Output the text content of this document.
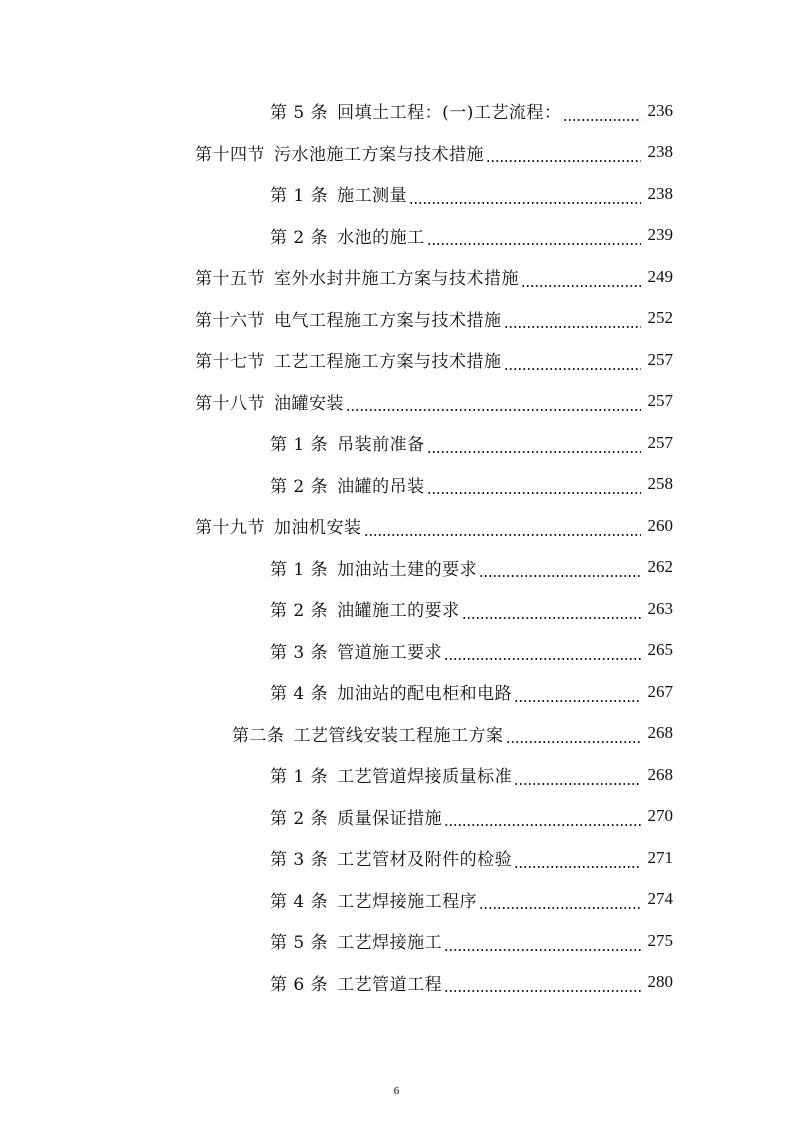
第 5 条 回填土工程：(一)工艺流程：	236
第十四节 污水池施工方案与技术措施	238
第 1 条 施工测量	238
第 2 条 水池的施工	239
第十五节 室外水封井施工方案与技术措施	249
第十六节 电气工程施工方案与技术措施	252
第十七节 工艺工程施工方案与技术措施	257
第十八节 油罐安装	257
第 1 条 吊装前准备	257
第 2 条 油罐的吊装	258
第十九节 加油机安装	260
第 1 条 加油站土建的要求	262
第 2 条 油罐施工的要求	263
第 3 条 管道施工要求	265
第 4 条 加油站的配电柜和电路	267
第二条 工艺管线安装工程施工方案	268
第 1 条 工艺管道焊接质量标准	268
第 2 条 质量保证措施	270
第 3 条 工艺管材及附件的检验	271
第 4 条 工艺焊接施工程序	274
第 5 条 工艺焊接施工	275
第 6 条 工艺管道工程	280
6
